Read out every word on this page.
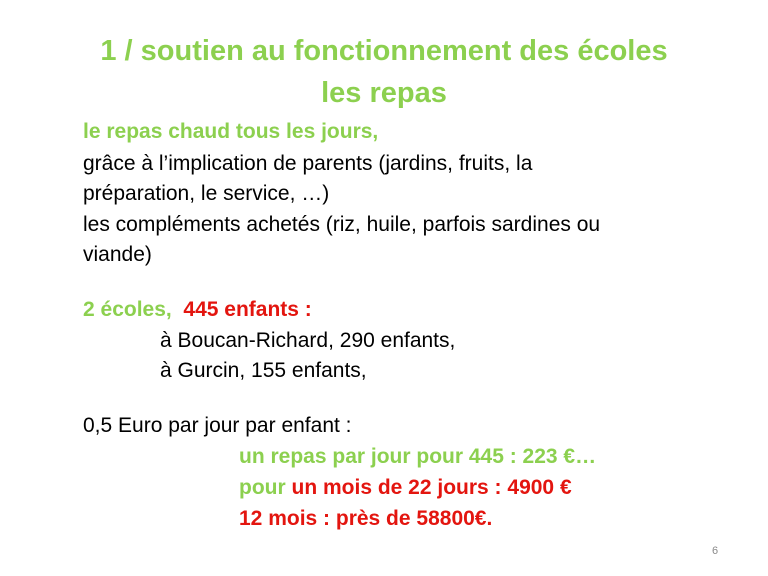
1 / soutien au fonctionnement des écoles
les repas
le repas chaud tous les jours,
grâce à l’implication de parents (jardins, fruits, la
préparation, le service, …)
les compléments achetés (riz, huile, parfois sardines ou
viande)
2 écoles, 445 enfants :
à Boucan-Richard, 290 enfants,
à Gurcin, 155 enfants,
0,5 Euro par jour par enfant :
un repas par jour pour 445 : 223 €…
pour un mois de 22 jours : 4900 €
12 mois : près de 58800€.
6
